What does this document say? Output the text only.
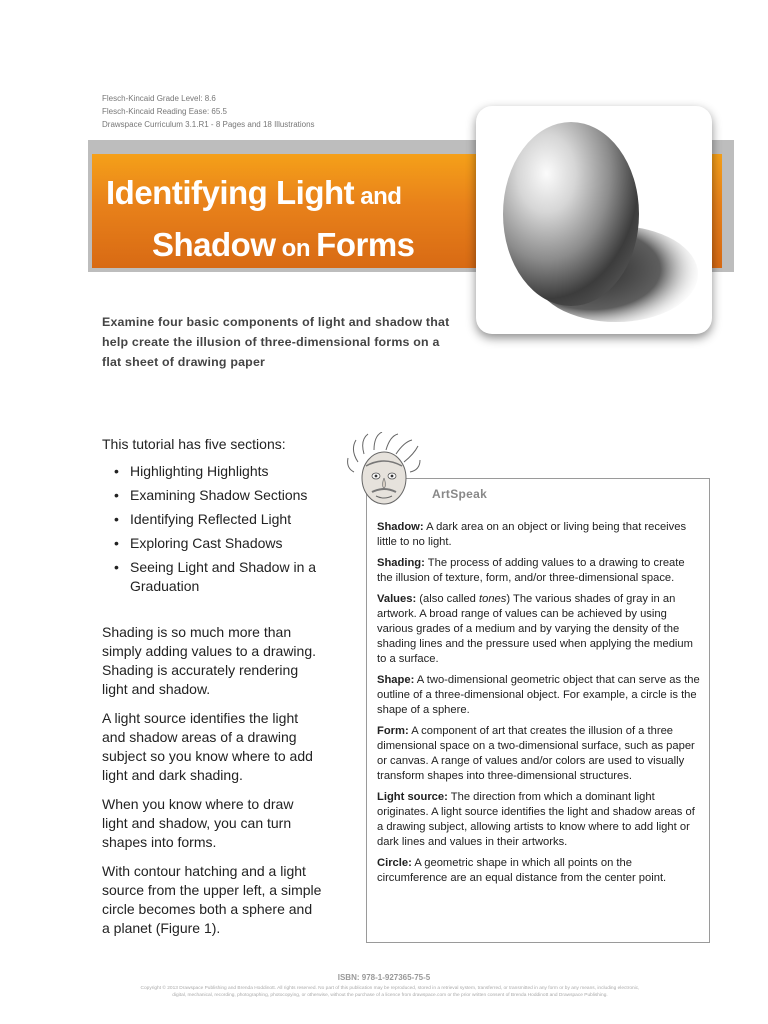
Flesch-Kincaid Grade Level: 8.6
Flesch-Kincaid Reading Ease: 65.5
Drawspace Curriculum 3.1.R1 - 8 Pages and 18 Illustrations
Identifying Light and
Shadow on Forms
Examine four basic components of light and shadow that help create the illusion of three-dimensional forms on a flat sheet of drawing paper
This tutorial has five sections:
• Highlighting Highlights
• Examining Shadow Sections
• Identifying Reflected Light
• Exploring Cast Shadows
• Seeing Light and Shadow in a Graduation

Shading is so much more than simply adding values to a drawing. Shading is accurately rendering light and shadow.

A light source identifies the light and shadow areas of a drawing subject so you know where to add light and dark shading.

When you know where to draw light and shadow, you can turn shapes into forms.

With contour hatching and a light source from the upper left, a simple circle becomes both a sphere and a planet (Figure 1).

ArtSpeak

Shadow: A dark area on an object or living being that receives little to no light.

Shading: The process of adding values to a drawing to create the illusion of texture, form, and/or three-dimensional space.

Values: (also called tones) The various shades of gray in an artwork. A broad range of values can be achieved by using various grades of a medium and by varying the density of the shading lines and the pressure used when applying the medium to a surface.

Shape: A two-dimensional geometric object that can serve as the outline of a three-dimensional object. For example, a circle is the shape of a sphere.

Form: A component of art that creates the illusion of a three dimensional space on a two-dimensional surface, such as paper or canvas. A range of values and/or colors are used to visually transform shapes into three-dimensional structures.

Light source: The direction from which a dominant light originates. A light source identifies the light and shadow areas of a drawing subject, allowing artists to know where to add light or dark lines and values in their artworks.

Circle: A geometric shape in which all points on the circumference are an equal distance from the center point.

ISBN: 978-1-927365-75-5
Copyright © 2013 Drawspace Publishing and Brenda Hoddinott. All rights reserved. No part of this publication may be reproduced, stored in a retrieval system, transferred, or transmitted in any form or by any means, including electronic, digital, mechanical, recording, photographing, photocopying, or otherwise, without the purchase of a licence from drawspace.com or the prior written consent of Brenda Hoddinott and Drawspace Publishing.
